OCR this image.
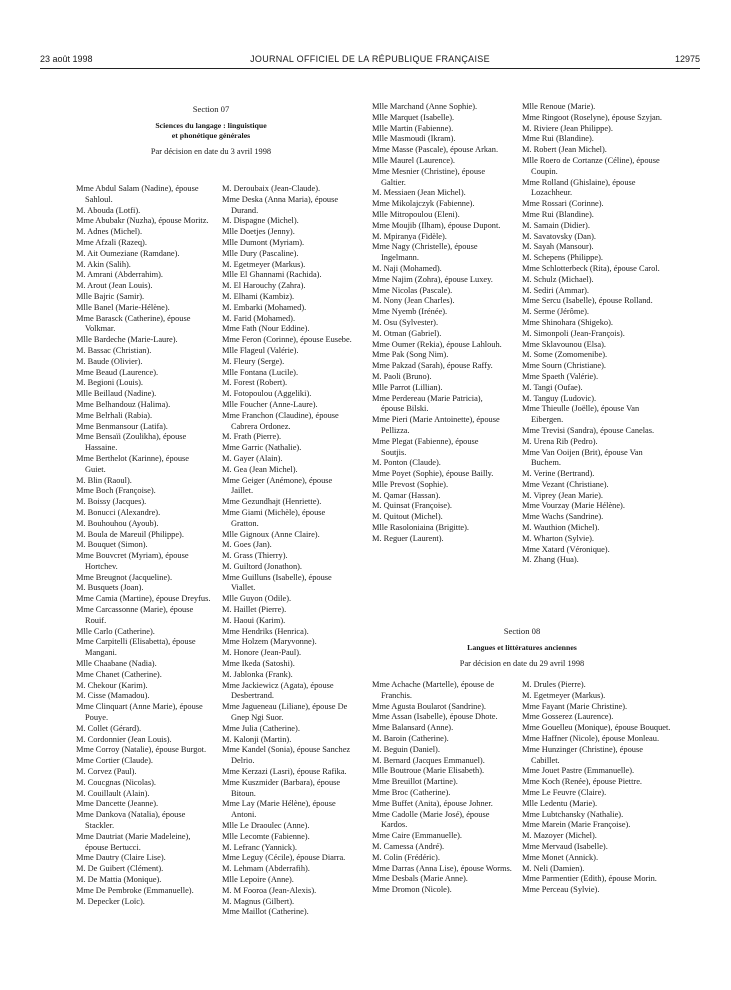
23 août 1998	JOURNAL OFFICIEL DE LA RÉPUBLIQUE FRANÇAISE	12975
Section 07
Sciences du langage : linguistique
et phonétique générales
Par décision en date du 3 avril 1998

Mme Abdul Salam (Nadine), épouse Sahloul.

M. Abouda (Lotfi).

Mme Abubakr (Nuzha), épouse Moritz.

M. Adnes (Michel).

Mme Afzali (Razeq).

M. Ait Oumeziane (Ramdane).

M. Akin (Salih).

M. Amrani (Abderrahim).

M. Arout (Jean Louis).

Mlle Bajric (Samir).

Mlle Banel (Marie-Hélène).

Mme Barasck (Catherine), épouse Volkmar.

Mlle Bardeche (Marie-Laure).

M. Bassac (Christian).

M. Baude (Olivier).

Mme Beaud (Laurence).

M. Begioni (Louis).

Mlle Beillaud (Nadine).

Mme Belhandouz (Halima).

Mme Belrhali (Rabia).

Mme Benmansour (Latifa).

Mme Bensaïi (Zoulikha), épouse Hassaine.

Mme Berthelot (Karinne), épouse Guiet.

M. Blin (Raoul).

Mme Boch (Françoise).

M. Boissy (Jacques).

M. Bonucci (Alexandre).

M. Bouhouhou (Ayoub).

M. Boula de Mareuil (Philippe).

M. Bouquet (Simon).

Mme Bouvcret (Myriam), épouse Hortchev.

Mme Breugnot (Jacqueline).

M. Busquets (Joan).

Mme Camia (Martine), épouse Dreyfus.

Mme Carcassonne (Marie), épouse Rouif.

Mlle Carlo (Catherine).

Mme Carpitelli (Elisabetta), épouse Mangani.

Mlle Chaabane (Nadia).

Mme Chanet (Catherine).

M. Chekour (Karim).

M. Cisse (Mamadou).

Mme Clinquart (Anne Marie), épouse Pouye.

M. Collet (Gérard).

M. Cordonnier (Jean Louis).

Mme Corroy (Natalie), épouse Burgot.

Mme Cortier (Claude).

M. Corvez (Paul).

M. Coucgnas (Nicolas).

M. Couillault (Alain).

Mme Dancette (Jeanne).

Mme Dankova (Natalia), épouse Stackler.

Mme Dautriat (Marie Madeleine), épouse Bertucci.

Mme Dautry (Claire Lise).

M. De Guibert (Clément).

M. De Mattia (Monique).

Mme De Pembroke (Emmanuelle).

M. Depecker (Loïc).

M. Deroubaix (Jean-Claude).

Mme Deska (Anna Maria), épouse Durand.

M. Dispagne (Michel).

Mlle Doetjes (Jenny).

Mlle Dumont (Myriam).

Mlle Dury (Pascaline).

M. Egetmeyer (Markus).

Mlle El Ghannami (Rachida).

M. El Harouchy (Zahra).

M. Elhami (Kambiz).

M. Embarki (Mohamed).

M. Farid (Mohamed).

Mme Fath (Nour Eddine).

Mme Feron (Corinne), épouse Eusebe.

Mlle Flageul (Valérie).

M. Fleury (Serge).

Mlle Fontana (Lucile).

M. Forest (Robert).

M. Fotopoulou (Aggeliki).

Mlle Foucher (Anne-Laure).

Mme Franchon (Claudine), épouse Cabrera Ordonez.

M. Frath (Pierre).

Mme Garric (Nathalie).

M. Gayer (Alain).

M. Gea (Jean Michel).

Mme Geiger (Anémone), épouse Jaillet.

Mme Gezundhajt (Henriette).

Mme Giami (Michèle), épouse Gratton.

Mlle Gignoux (Anne Claire).

M. Goes (Jan).

M. Grass (Thierry).

M. Guiltord (Jonathon).

Mme Guilluns (Isabelle), épouse Viallet.

Mlle Guyon (Odile).

M. Haillet (Pierre).

M. Haoui (Karim).

Mme Hendriks (Henrica).

Mme Holzem (Maryvonne).

M. Honore (Jean-Paul).

Mme Ikeda (Satoshi).

M. Jablonka (Frank).

Mme Jackiewicz (Agata), épouse Desbertrand.

Mme Jagueneau (Liliane), épouse De Gnep Ngi Suor.

Mme Julia (Catherine).

M. Kalonji (Martin).

Mme Kandel (Sonia), épouse Sanchez Delrio.

Mme Kerzazi (Lasri), épouse Rafika.

Mme Kuszmider (Barbara), épouse Bitoun.

Mme Lay (Marie Hélène), épouse Antoni.

Mlle Le Draoulec (Anne).

Mlle Lecomte (Fabienne).

M. Lefranc (Yannick).

Mme Leguy (Cécile), épouse Diarra.

M. Lehmam (Abderrafih).

Mlle Lepoire (Anne).

M. M Fooroa (Jean-Alexis).

M. Magnus (Gilbert).

Mme Maillot (Catherine).

Mlle Marchand (Anne Sophie).

Mlle Marquet (Isabelle).

Mlle Martin (Fabienne).

Mlle Masmoudi (Ikram).

Mme Masse (Pascale), épouse Arkan.

Mlle Maurel (Laurence).

Mme Mesnier (Christine), épouse Galtier.

M. Messiaen (Jean Michel).

Mme Mikolajczyk (Fabienne).

Mlle Mitropoulou (Eleni).

Mme Moujib (Ilham), épouse Dupont.

M. Mpiranya (Fidèle).

Mme Nagy (Christelle), épouse Ingelmann.

M. Naji (Mohamed).

Mme Najim (Zohra), épouse Luxey.

Mme Nicolas (Pascale).

M. Nony (Jean Charles).

Mme Nyemb (Irénée).

M. Osu (Sylvester).

M. Otman (Gabriel).

Mme Oumer (Rekia), épouse Lahlouh.

Mme Pak (Song Nim).

Mme Pakzad (Sarah), épouse Raffy.

M. Paoli (Bruno).

Mlle Parrot (Lillian).

Mme Perdereau (Marie Patricia), épouse Bilski.

Mme Pieri (Marie Antoinette), épouse Pellizza.

Mme Plegat (Fabienne), épouse Soutjis.

M. Ponton (Claude).

Mme Poyet (Sophie), épouse Bailly.

Mlle Prevost (Sophie).

M. Qamar (Hassan).

M. Quinsat (Françoise).

M. Quitout (Michel).

Mlle Rasoloniaina (Brigitte).

M. Reguer (Laurent).

Mlle Renoue (Marie).

Mme Ringoot (Roselyne), épouse Szyjan.

M. Riviere (Jean Philippe).

Mme Rui (Blandine).

M. Robert (Jean Michel).

Mlle Roero de Cortanze (Céline), épouse Coupin.

Mme Rolland (Ghislaine), épouse Lozachheur.

Mme Rossari (Corinne).

Mme Rui (Blandine).

M. Samain (Didier).

M. Savatovsky (Dan).

M. Sayah (Mansour).

M. Schepens (Philippe).

Mme Schlotterbeck (Rita), épouse Carol.

M. Schulz (Michael).

M. Sediri (Ammar).

Mme Sercu (Isabelle), épouse Rolland.

M. Serme (Jérôme).

Mme Shinohara (Shigeko).

M. Simonpoli (Jean-François).

Mme Sklavounou (Elsa).

M. Some (Zomomenibe).

Mme Sourn (Christiane).

Mme Spaeth (Valérie).

M. Tangi (Oufae).

M. Tanguy (Ludovic).

Mme Thieulle (Joëlle), épouse Van Eibergen.

Mme Trevisi (Sandra), épouse Canelas.

M. Urena Rib (Pedro).

Mme Van Ooijen (Brit), épouse Van Buchem.

M. Verine (Bertrand).

Mme Vezant (Christiane).

M. Viprey (Jean Marie).

Mme Vourzay (Marie Hélène).

Mme Wachs (Sandrine).

M. Wauthion (Michel).

M. Wharton (Sylvie).

Mme Xatard (Véronique).

M. Zhang (Hua).

Section 08
Langues et littératures anciennes
Par décision en date du 29 avril 1998

Mme Achache (Martelle), épouse de Franchis.

Mme Agusta Boularot (Sandrine).

Mme Assan (Isabelle), épouse Dhote.

Mme Balansard (Anne).

M. Baroin (Catherine).

M. Beguin (Daniel).

M. Bernard (Jacques Emmanuel).

Mlle Boutroue (Marie Elisabeth).

Mme Breuillot (Martine).

Mme Broc (Catherine).

Mme Buffet (Anita), épouse Johner.

Mme Cadolle (Marie José), épouse Kardos.

Mme Caire (Emmanuelle).

M. Camessa (André).

M. Colin (Frédéric).

Mme Darras (Anna Lise), épouse Worms.

Mme Desbals (Marie Anne).

Mme Dromon (Nicole).

M. Drules (Pierre).

M. Egetmeyer (Markus).

Mme Fayant (Marie Christine).

Mme Gosserez (Laurence).

Mme Gouelleu (Monique), épouse Bouquet.

Mme Haffner (Nicole), épouse Monleau.

Mme Hunzinger (Christine), épouse Cabillet.

Mme Jouet Pastre (Emmanuelle).

Mme Koch (Renée), épouse Piettre.

Mme Le Feuvre (Claire).

Mlle Ledentu (Marie).

Mme Lubtchansky (Nathalie).

Mme Marein (Marie Françoise).

M. Mazoyer (Michel).

Mme Mervaud (Isabelle).

Mme Monet (Annick).

M. Neli (Damien).

Mme Parmentier (Edith), épouse Morin.

Mme Perceau (Sylvie).
